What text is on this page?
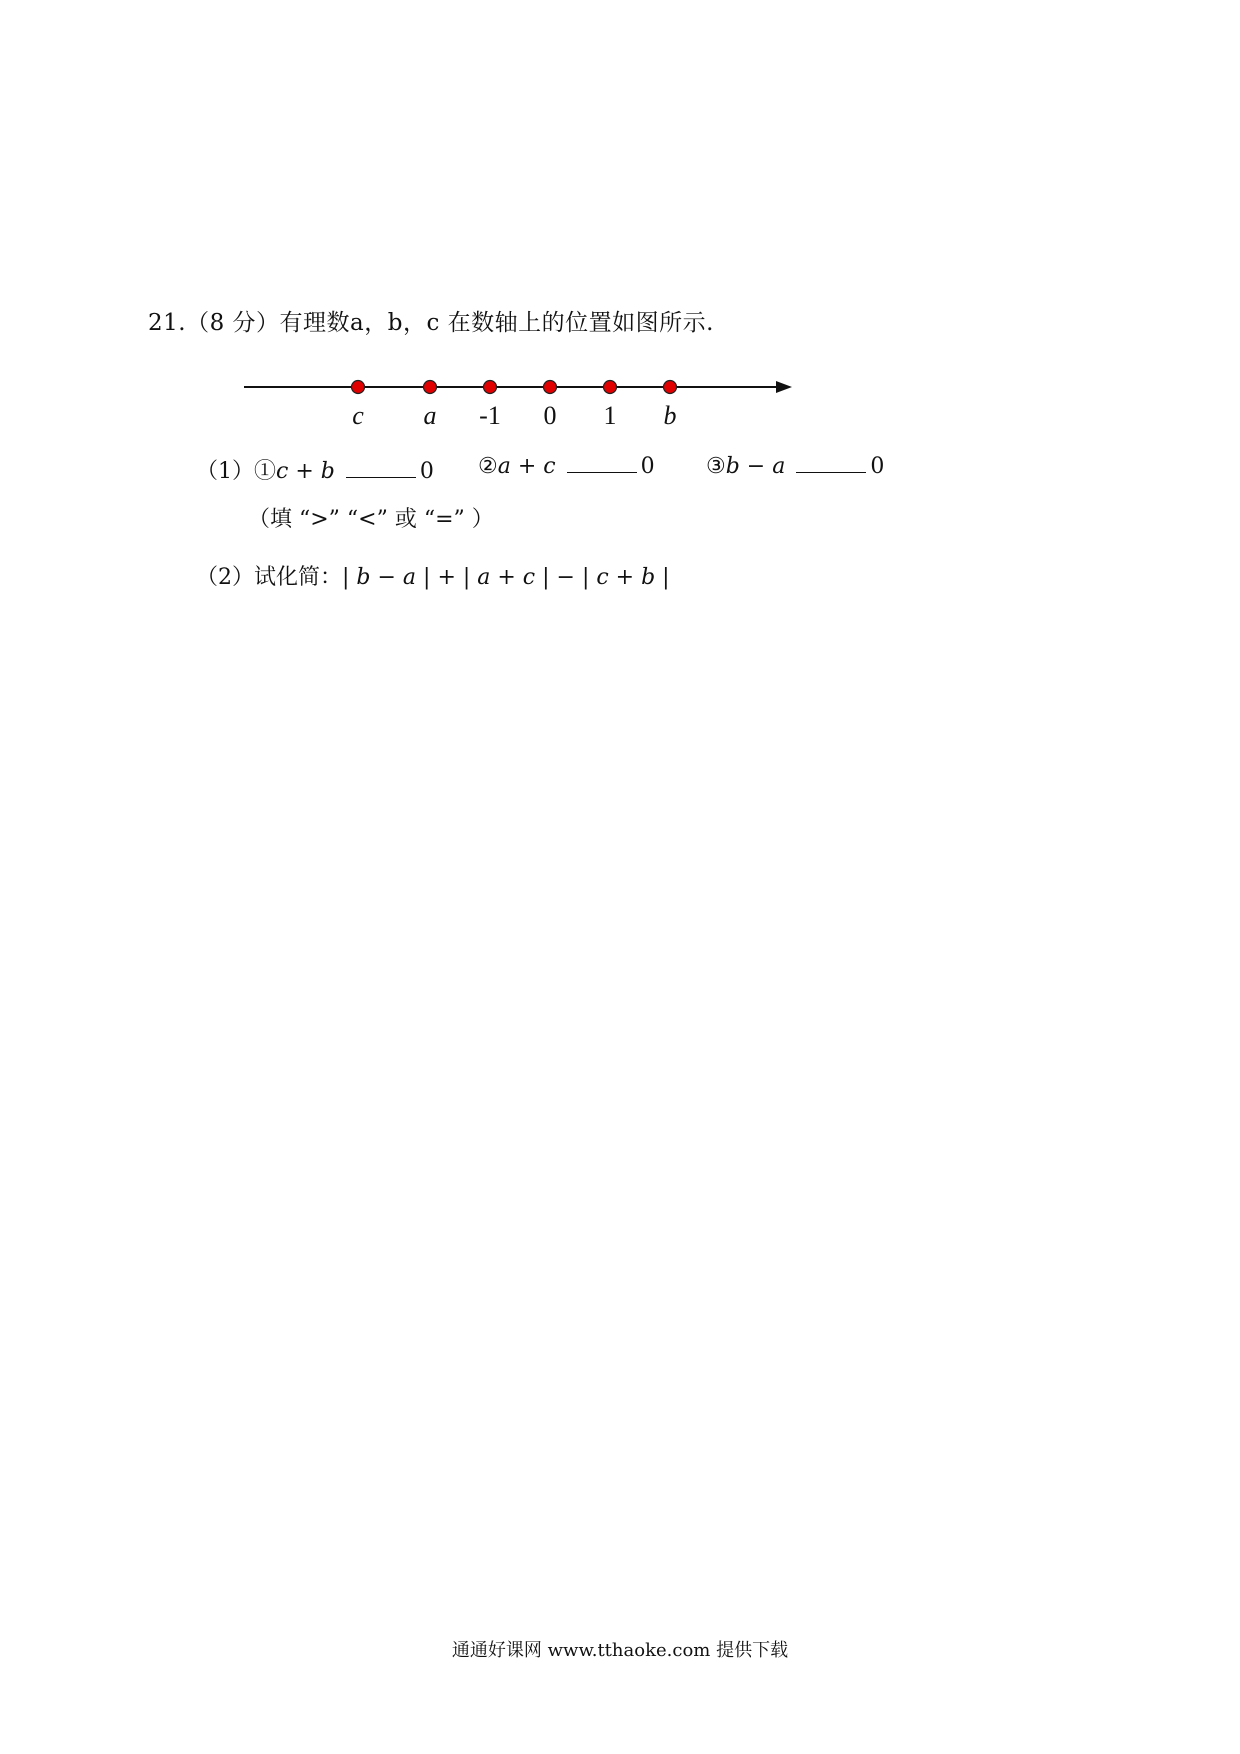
21.（8 分）有理数a，b，c 在数轴上的位置如图所示.
c a -1 0 1 b
（1）①c + b	0 ②a + c	0 ③b − a	0
（填 “>” “<” 或 “=” ）
（2）试化简：| b − a | + | a + c | − | c + b |
通通好课网 www.tthaoke.com 提供下载
